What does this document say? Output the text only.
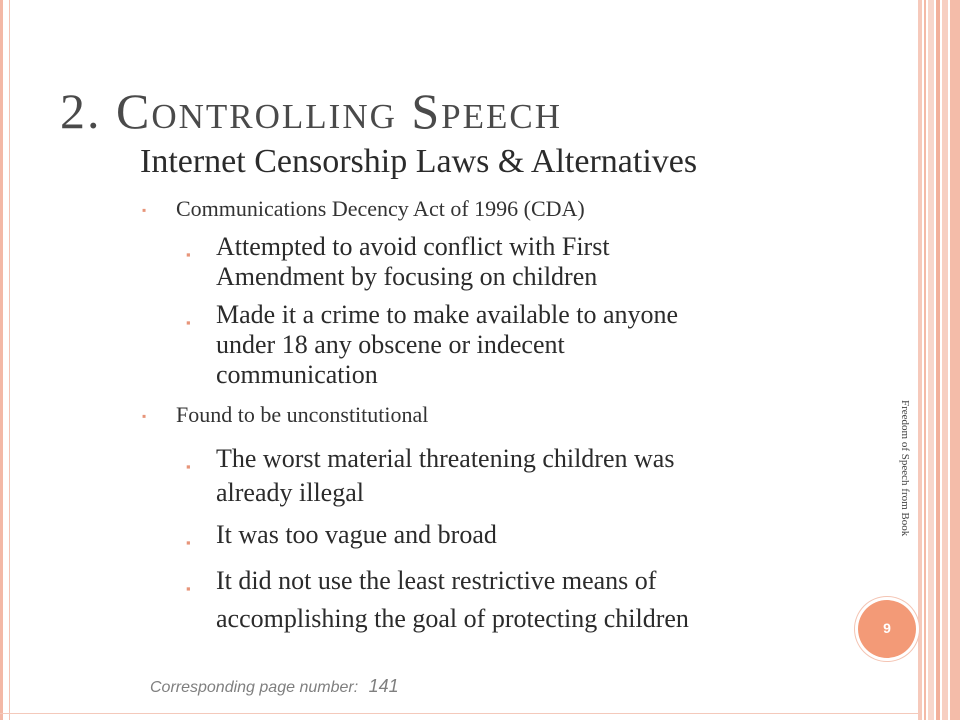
2. Controlling Speech
Internet Censorship Laws & Alternatives
▪ Communications Decency Act of 1996 (CDA)
▪ Attempted to avoid conflict with First
Amendment by focusing on children
▪ Made it a crime to make available to anyone
under 18 any obscene or indecent
communication
▪ Found to be unconstitutional
▪ The worst material threatening children was
already illegal
▪ It was too vague and broad
▪ It did not use the least restrictive means of
accomplishing the goal of protecting children
Freedom of Speech from Book
9
Corresponding page number: 141
